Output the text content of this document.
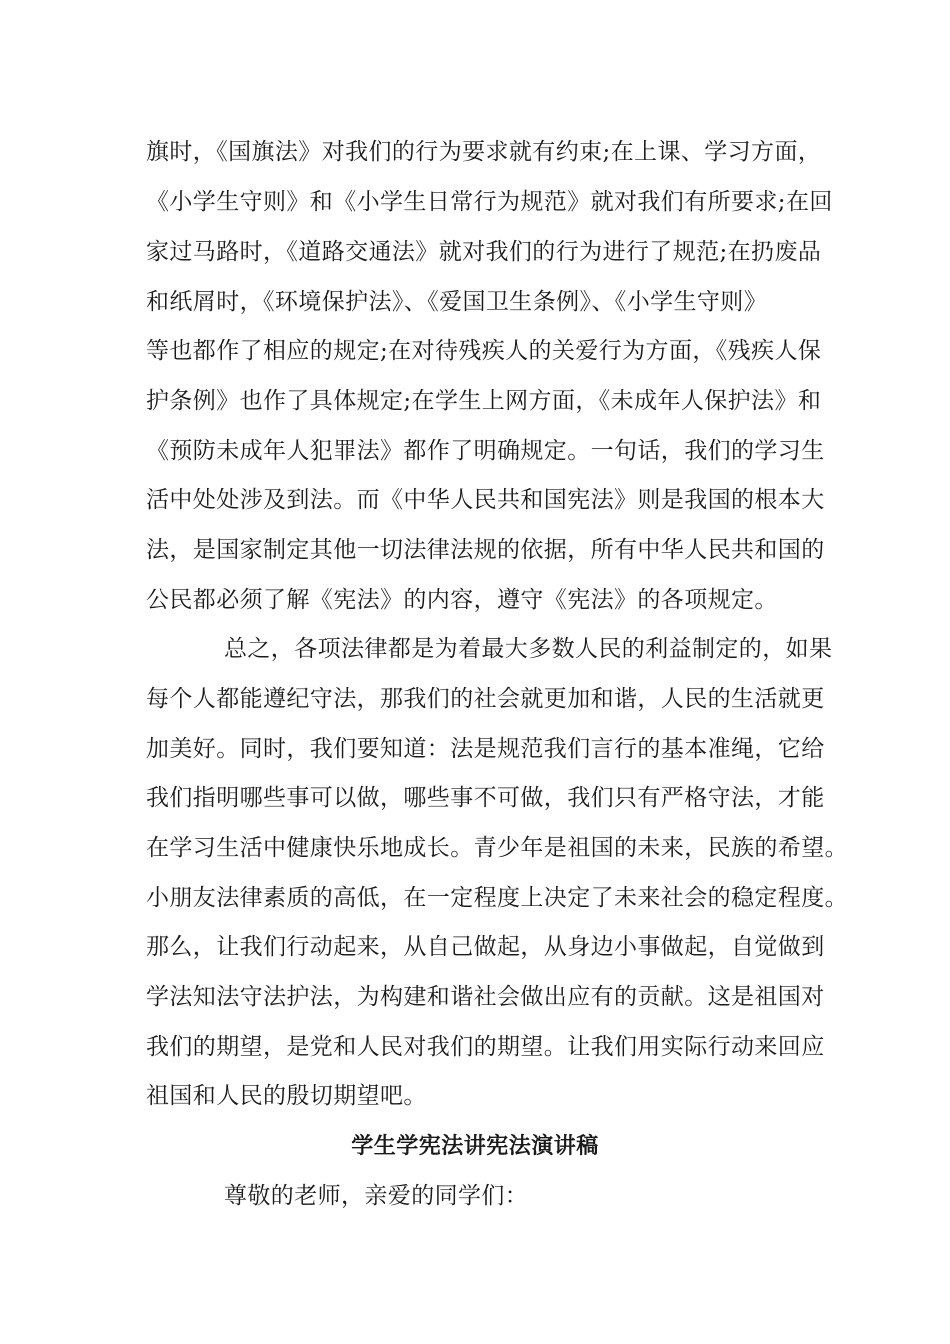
旗时，《国旗法》对我们的行为要求就有约束;在上课、学习方面，
《小学生守则》和《小学生日常行为规范》就对我们有所要求;在回
家过马路时，《道路交通法》就对我们的行为进行了规范;在扔废品
和纸屑时，《环境保护法》、《爱国卫生条例》、《小学生守则》
等也都作了相应的规定;在对待残疾人的关爱行为方面，《残疾人保
护条例》也作了具体规定;在学生上网方面，《未成年人保护法》和
《预防未成年人犯罪法》都作了明确规定。一句话，我们的学习生
活中处处涉及到法。而《中华人民共和国宪法》则是我国的根本大
法，是国家制定其他一切法律法规的依据，所有中华人民共和国的
公民都必须了解《宪法》的内容，遵守《宪法》的各项规定。
总之，各项法律都是为着最大多数人民的利益制定的，如果
每个人都能遵纪守法，那我们的社会就更加和谐，人民的生活就更
加美好。同时，我们要知道：法是规范我们言行的基本准绳，它给
我们指明哪些事可以做，哪些事不可做，我们只有严格守法，才能
在学习生活中健康快乐地成长。青少年是祖国的未来，民族的希望。
小朋友法律素质的高低，在一定程度上决定了未来社会的稳定程度。
那么，让我们行动起来，从自己做起，从身边小事做起，自觉做到
学法知法守法护法，为构建和谐社会做出应有的贡献。这是祖国对
我们的期望，是党和人民对我们的期望。让我们用实际行动来回应
祖国和人民的殷切期望吧。
学生学宪法讲宪法演讲稿
尊敬的老师，亲爱的同学们：
